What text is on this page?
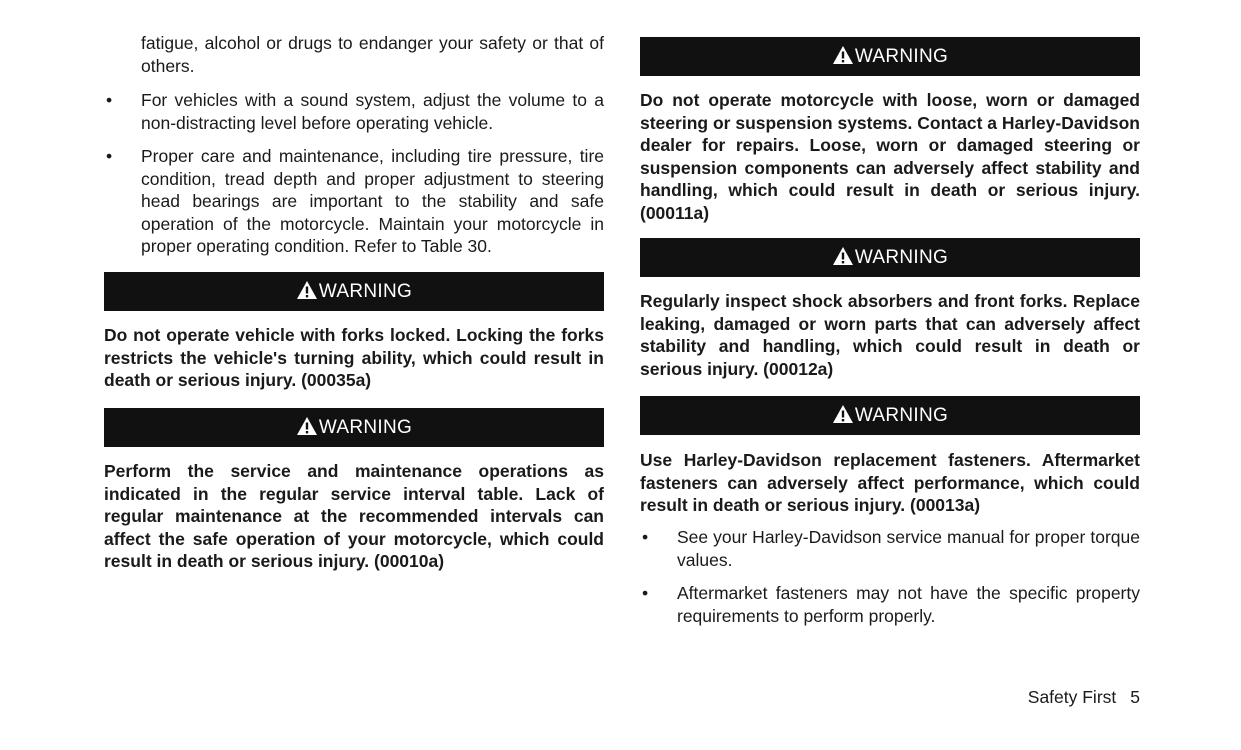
fatigue, alcohol or drugs to endanger your safety or that of others.

• For vehicles with a sound system, adjust the volume to a non-distracting level before operating vehicle.

• Proper care and maintenance, including tire pressure, tire condition, tread depth and proper adjustment to steering head bearings are important to the stability and safe operation of the motorcycle. Maintain your motorcycle in proper operating condition. Refer to Table 30.

WARNING

Do not operate vehicle with forks locked. Locking the forks restricts the vehicle's turning ability, which could result in death or serious injury. (00035a)

WARNING

Perform the service and maintenance operations as indicated in the regular service interval table. Lack of regular maintenance at the recommended intervals can affect the safe operation of your motorcycle, which could result in death or serious injury. (00010a)

WARNING

Do not operate motorcycle with loose, worn or damaged steering or suspension systems. Contact a Harley-Davidson dealer for repairs. Loose, worn or damaged steering or suspension components can adversely affect stability and handling, which could result in death or serious injury. (00011a)

WARNING

Regularly inspect shock absorbers and front forks. Replace leaking, damaged or worn parts that can adversely affect stability and handling, which could result in death or serious injury. (00012a)

WARNING

Use Harley-Davidson replacement fasteners. Aftermarket fasteners can adversely affect performance, which could result in death or serious injury. (00013a)

• See your Harley-Davidson service manual for proper torque values.

• Aftermarket fasteners may not have the specific property requirements to perform properly.

Safety First 5
